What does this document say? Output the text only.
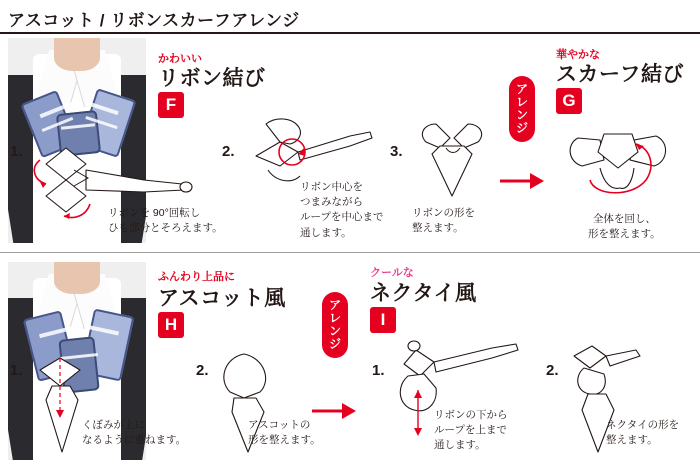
アスコット / リボンスカーフアレンジ
かわいい
リボン結び
F
華やかな
スカーフ結び
G
ア
レ
ン
ジ
1.
リボンを 90°回転し
ひも部分とそろえます。
2.
リボン中心を
つまみながら
ループを中心まで
通します。
3.
リボンの形を
整えます。
全体を回し、
形を整えます。
ふんわり上品に
アスコット風
H
クールな
ネクタイ風
I
ア
レ
ン
ジ
1.
くぼみが上に
なるように重ねます。
2.
アスコットの
形を整えます。
1.
リボンの下から
ループを上まで
通します。
2.
ネクタイの形を
整えます。
